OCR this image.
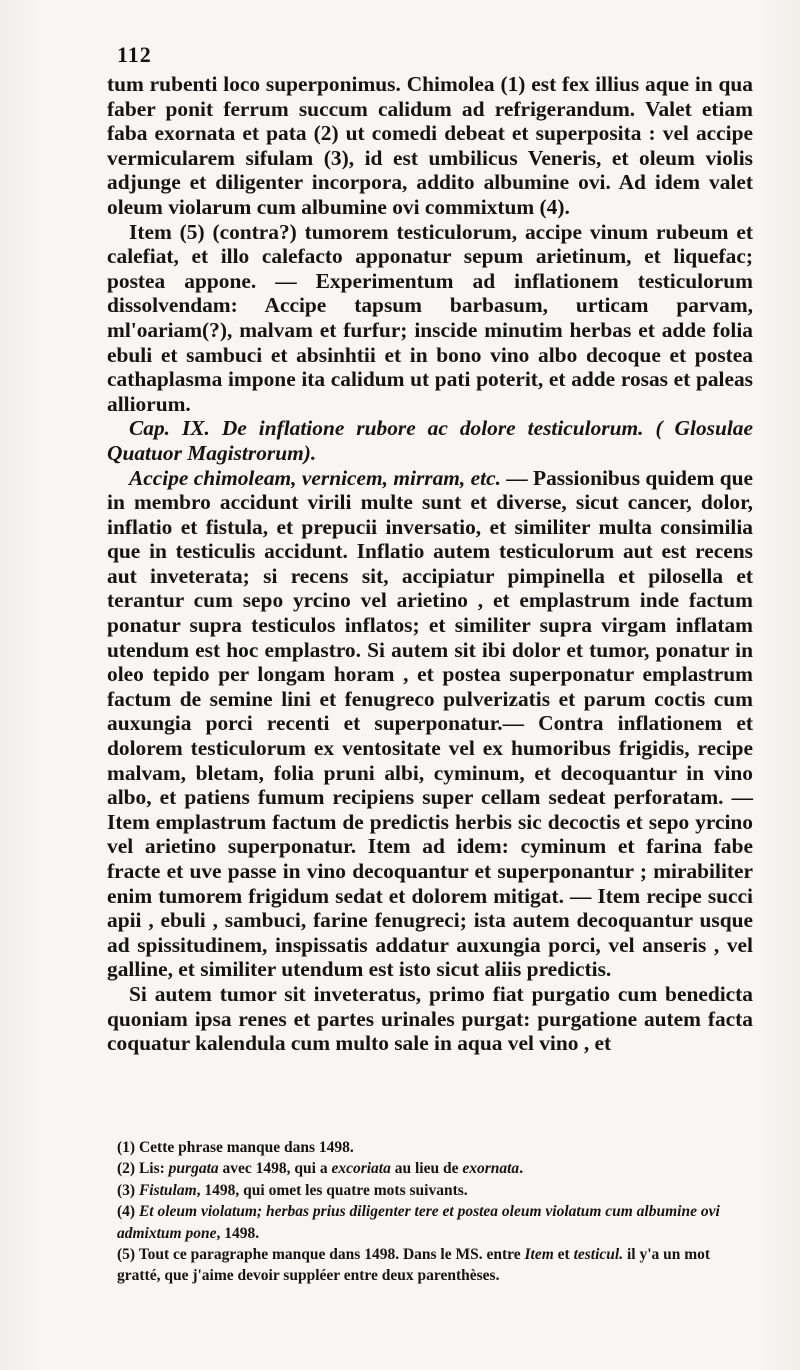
112

tum rubenti loco superponimus. Chimolea (1) est fex illius aque in qua faber ponit ferrum succum calidum ad refrigerandum. Valet etiam faba exornata et pata (2) ut comedi debeat et superposita : vel accipe vermicularem sifulam (3), id est umbilicus Veneris, et oleum violis adjunge et diligenter incorpora, addito albumine ovi. Ad idem valet oleum violarum cum albumine ovi commixtum (4).

Item (5) (contra?) tumorem testiculorum, accipe vinum rubeum et calefiat, et illo calefacto apponatur sepum arietinum, et liquefac; postea appone. — Experimentum ad inflationem testiculorum dissolvendam: Accipe tapsum barbasum, urticam parvam, ml'oariam(?), malvam et furfur; inscide minutim herbas et adde folia ebuli et sambuci et absinhtii et in bono vino albo decoque et postea cathaplasma impone ita calidum ut pati poterit, et adde rosas et paleas alliorum.

Cap. IX. De inflatione rubore ac dolore testiculorum. ( Glosulae Quatuor Magistrorum).

Accipe chimoleam, vernicem, mirram, etc. — Passionibus quidem que in membro accidunt virili multe sunt et diverse, sicut cancer, dolor, inflatio et fistula, et prepucii inversatio, et similiter multa consimilia que in testiculis accidunt. Inflatio autem testiculorum aut est recens aut inveterata; si recens sit, accipiatur pimpinella et pilosella et terantur cum sepo yrcino vel arietino , et emplastrum inde factum ponatur supra testiculos inflatos; et similiter supra virgam inflatam utendum est hoc emplastro. Si autem sit ibi dolor et tumor, ponatur in oleo tepido per longam horam , et postea superponatur emplastrum factum de semine lini et fenugreco pulverizatis et parum coctis cum auxungia porci recenti et superponatur.— Contra inflationem et dolorem testiculorum ex ventositate vel ex humoribus frigidis, recipe malvam, bletam, folia pruni albi, cyminum, et decoquantur in vino albo, et patiens fumum recipiens super cellam sedeat perforatam. — Item emplastrum factum de predictis herbis sic decoctis et sepo yrcino vel arietino superponatur. Item ad idem: cyminum et farina fabe fracte et uve passe in vino decoquantur et superponantur ; mirabiliter enim tumorem frigidum sedat et dolorem mitigat. — Item recipe succi apii , ebuli , sambuci, farine fenugreci; ista autem decoquantur usque ad spissitudinem, inspissatis addatur auxungia porci, vel anseris , vel galline, et similiter utendum est isto sicut aliis predictis.

Si autem tumor sit inveteratus, primo fiat purgatio cum benedicta quoniam ipsa renes et partes urinales purgat: purgatione autem facta coquatur kalendula cum multo sale in aqua vel vino , et

(1) Cette phrase manque dans 1498.

(2) Lis: purgata avec 1498, qui a excoriata au lieu de exornata.

(3) Fistulam, 1498, qui omet les quatre mots suivants.

(4) Et oleum violatum; herbas prius diligenter tere et postea oleum violatum cum albumine ovi admixtum pone, 1498.

(5) Tout ce paragraphe manque dans 1498. Dans le MS. entre Item et testicul. il y'a un mot gratté, que j'aime devoir suppléer entre deux parenthèses.
